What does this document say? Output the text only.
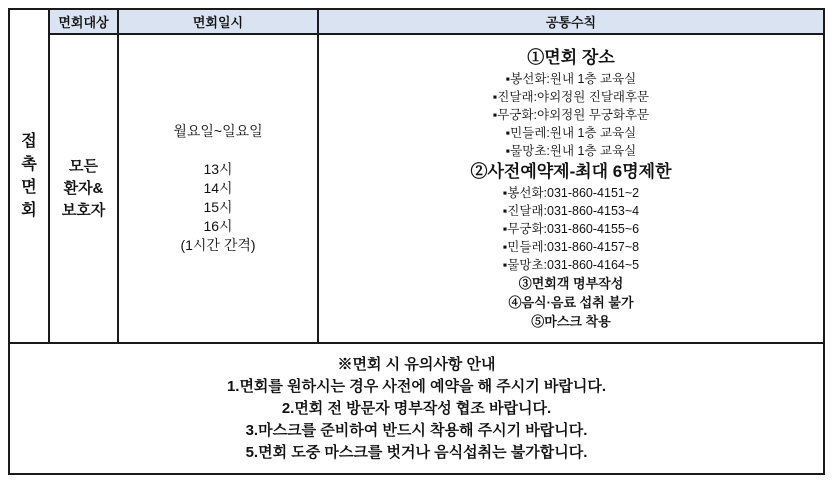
접
촉
면
회
면회대상	면회일시	공통수칙
모든
환자&
보호자
월요일~일요일
13시
14시
15시
16시
(1시간 간격)
①면회 장소
▪봉선화:원내 1층 교육실
▪진달래:야외정원 진달래후문
▪무궁화:야외정원 무궁화후문
▪민들레:원내 1층 교육실
▪물망초:원내 1층 교육실
②사전예약제-최대 6명제한
▪봉선화:031-860-4151~2
▪진달래:031-860-4153~4
▪무궁화:031-860-4155~6
▪민들레:031-860-4157~8
▪물망초:031-860-4164~5
③면회객 명부작성
④음식·음료 섭취 불가
⑤마스크 착용
※면회 시 유의사항 안내
1.면회를 원하시는 경우 사전에 예약을 해 주시기 바랍니다.
2.면회 전 방문자 명부작성 협조 바랍니다.
3.마스크를 준비하여 반드시 착용해 주시기 바랍니다.
5.면회 도중 마스크를 벗거나 음식섭취는 불가합니다.
